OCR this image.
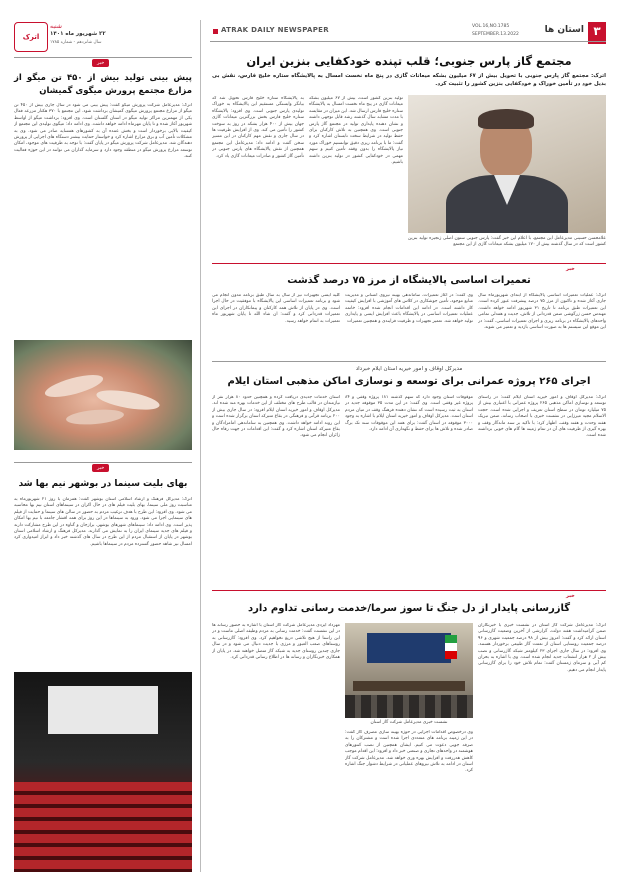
۳
استان ها
VOL.16,NO.1785
SEPTEMBER.13.2022
ATRAK DAILY NEWSPAPER
اترک
شنبه
۲۲ شهریور ماه ۱۴۰۱
سال شانزدهم - شماره ۱۷۸۵
مجتمع گاز پارس جنوبی؛ قلب تپنده خودکفایی بنزین ایران
اترک: مجتمع گاز پارس جنوبی با تحویل بیش از ۶۷ میلیون بشکه میعانات گازی در پنج ماه نخست امسال به پالایشگاه ستاره خلیج فارس، نقش بی بدیل خود در تأمین خوراک و خودکفایی بنزین کشور را تثبیت کرد.
علامحسن حسینی مدیرعامل این مجتمع، با اعلام این خبر گفت: پارس جنوبی ستون اصلی زنجیره تولید بنزین کشور است که در سال گذشته بیش از ۱۷۰ میلیون بشکه میعانات گازی از این مجتمع
به پالایشگاه ستاره خلیج فارس تحویل شد که بیانگر وابستگی مستقیم این پالایشگاه به خوراک تولیدی پارس جنوبی است. وی افزود: پالایشگاه ستاره خلیج فارس بخش بزرگترین میعانات گازی جهان بیش از ۴۰۰ هزار بشکه در روز به سوخت کشور را تأمین می کند. وی از افزایش ظرفیت ها در سال جاری و نقش مهم کارکنان در این مسیر سخن گفت و ادامه داد: مدیرعامل این مجتمع همچنین از نقش پالایشگاه های پارس جنوبی در تأمین گاز کشور و صادرات میعانات گازی یاد کرد.
تولید بنزین کشور است، بیش از ۶۷ میلیون بشکه میعانات گازی در پنج ماه نخست امسال به پالایشگاه ستاره خلیج فارس ارسال شد. این میزان در مقایسه با مدت مشابه سال گذشته رشد قابل توجهی داشته و نشان دهنده پایداری تولید در مجتمع گاز پارس جنوبی است. وی همچنین به تلاش کارکنان برای حفظ تولید در شرایط سخت تابستان اشاره کرد و گفت: ما با برنامه ریزی دقیق توانستیم خوراک مورد نیاز پالایشگاه را بدون وقفه تأمین کنیم و سهم مهمی در خودکفایی کشور در تولید بنزین داشته باشیم.
خبر
تعمیرات اساسی پالایشگاه از مرز ۷۵ درصد گذشت
اترک: عملیات تعمیرات اساسی پالایشگاه از ابتدای شهریورماه سال جاری آغاز شده و تاکنون از مرز ۷۵ درصد پیشرفت عبور کرده است. این تعمیرات طبق برنامه تا تاریخ ۳۱ شهریور ادامه خواهد داشت. مهندس حسن زرگوشی ضمن قدردانی از تلاش، جدیت و همدلی تمامی واحدهای پالایشگاه در برنامه ریزی و اجرای تعمیرات اساسی، گفت: در این موقع این سیستم ها به صورت اساسی بازدید و تعمیر می شوند.
وی گفت: در آغاز تعمیرات، ساماندهی بهینه نیروی انسانی و مدیریت منابع موجود، تأمین جوشکاری در کلاس های آموزشی با افزایش کیفیت کار داشته است. در ادامه این اقدامات انجام شده افزود: خاتمه عملیات تعمیرات اساسی در پالایشگاه باعث افزایش ایمنی و پایداری تولید خواهد شد. تعمیر تجهیزات و ظرفیت فرایندی و همچنین تعمیرات
کلیه ایمنی تجهیزات نیز از سال به سال طبق برنامه مدون انجام می شود و برنامه تعمیرات اساسی این پالایشگاه با موفقیت در حال اجرا است. وی در پایان از تلاش همه کارکنان و پیمانکاران در اجرای این تعمیرات قدردانی کرد و گفت: ان شاء الله تا پایان شهریور ماه تعمیرات به اتمام خواهد رسید.
مدیرکل اوقاف و امور خیریه استان ایلام خبرداد
اجرای ۲۶۵ پروژه عمرانی برای توسعه و نوسازی اماکن مذهبی استان ایلام
اترک: مدیرکل اوقاف و امور خیریه استان ایلام گفت: در راستای توسعه و نوسازی اماکن مذهبی ۲۶۵ پروژه عمرانی با اعتباری بیش از ۷۵ میلیارد تومان در سطح استان تعریف و اجرایی شده است. حجت الاسلام مجید میرزایی در نشست خبری با اصحاب رسانه، ضمن تبریک هفته وحدت و هفته وقف، اظهار کرد: با تاکید بر سند ماندگار وقف و بهره گیری از ظرفیت های آن در تمام زمینه ها گام های خوبی برداشته شده است.
موقوفات استان وجود دارد که سهم گذشته ۱۸۱ پروژه وقفی و ۸۴ پروژه غیر وقفی است. وی گفت: در این مدت ۳۵ موقوفه جدید در استان به ثبت رسیده است که نشان دهنده فرهنگ وقف در میان مردم استان است. مدیرکل اوقاف و امور خیریه استان ایلام با اشاره به وجود ۳۰۰۰ موقوفه در استان گفت: برای همه این موقوفات سند تک برگ صادر شده و تلاش ها برای حفظ و نگهداری آن ادامه دارد.
استان خدمات جدیدی دریافت کرده و همچنین حدود ۸۰ هزار نفر از نیازمندان در قالب طرح های مختلف از این خدمات بهره مند شده اند. مدیرکل اوقاف و امور خیریه استان ایلام افزود: در سال جاری بیش از ۲۰۰ برنامه قرآنی و فرهنگی در بقاع متبرکه استان برگزار شده است و این روند ادامه خواهد داشت. وی همچنین به ساماندهی امامزادگان و بقاع متبرکه استان اشاره کرد و گفت: این اقدامات در جهت رفاه حال زائران انجام می شود.
خبر
گازرسانی پایدار از دل جنگ تا سوز سرما/خدمت رسانی تداوم دارد
اترک: مدیرعامل شرکت گاز استان در نشست خبری با خبرنگاران ضمن گرامیداشت هفته دولت، گزارشی از آخرین وضعیت گازرسانی استان ارائه کرد و گفت: امروز بیش از ۹۸ درصد جمعیت شهری و ۹۶ درصد جمعیت روستایی استان از نعمت گاز طبیعی برخوردار هستند. وی افزود: در سال جاری اجرای ۲۳ کیلومتر شبکه گازرسانی و نصب بیش از ۲ هزار انشعاب جدید انجام شده است. وی با اشاره به بحران کم آبی و سرمای زمستان گفت: تمام تلاش خود را برای گازرسانی پایدار انجام می دهیم.
نشست خبری مدیرعامل شرکت گاز استان
وی درخصوص اقدامات اجرایی در حوزه بهینه سازی مصرف گاز گفت: در این زمینه برنامه های متعددی اجرا شده است و مشترکان را به صرفه جویی دعوت می کنیم. ایشان همچنین از نصب کنتورهای هوشمند در واحدهای تجاری و صنعتی خبر داد و افزود: این اقدام موجب کاهش هدررفت و افزایش بهره وری خواهد شد. مدیرعامل شرکت گاز استان در ادامه به تلاش نیروهای عملیاتی در شرایط دشوار جنگ اشاره کرد.
مهرداد ایزدی مدیرعامل شرکت گاز استان با اشاره به حضور رسانه ها در این نشست گفت: خدمت رسانی به مردم وظیفه اصلی ماست و در این راستا از هیچ تلاشی دریغ نخواهیم کرد. وی افزود: گازرسانی به روستاهای صعب العبور و مرزی با جدیت دنبال می شود و در سال جاری چندین روستای جدید به شبکه گاز متصل خواهند شد. در پایان از همکاری خبرنگاران و رسانه ها در اطلاع رسانی قدردانی کرد.
خبر
پیش بینی تولید بیش از ۴۵۰ تن میگو از مزارع مجتمع پرورش میگوی گمیشان
اترک: مدیرعامل شرکت پرورش میگو گفت: پیش بینی می شود در سال جاری بیش از ۴۵۰ تن میگو از مزارع مجتمع پرورش میگوی گمیشان برداشت شود. این مجتمع با ۳۷۰ هکتار مزرعه فعال یکی از مهمترین مراکز تولید میگو در استان گلستان است. وی افزود: برداشت میگو از اواسط شهریور آغاز شده و تا پایان مهرماه ادامه خواهد داشت. وی ادامه داد: میگوی تولیدی این مجتمع از کیفیت بالایی برخوردار است و بخش عمده آن به کشورهای همسایه صادر می شود. وی به مشکلات تأمین آب و برق مزارع اشاره کرد و خواستار حمایت بیشتر دستگاه های اجرایی از پرورش دهندگان شد. مدیرعامل شرکت پرورش میگو در پایان گفت: با توجه به ظرفیت های موجود، امکان توسعه مزارع پرورش میگو در منطقه وجود دارد و سرمایه گذاران می توانند در این حوزه فعالیت کنند.
خبر
بهای بلیت سینما در بوشهر نیم بها شد
اترک: مدیرکل فرهنگ و ارشاد اسلامی استان بوشهر گفت: همزمان با روز ۲۱ شهریورماه به مناسبت روز ملی سینما، بهای بلیت فیلم های در حال اکران در سینماهای استان نیم بها محاسبه می شود. وی افزود: این طرح با هدف ترغیب مردم به حضور در سالن های سینما و حمایت از فیلم های سینمایی اجرا می شود. ورود به سینماها در این روز برای همه اقشار جامعه با نیم بها امکان پذیر است. وی ادامه داد: سینماهای شهرهای بوشهر، برازجان و گناوه در این طرح مشارکت دارند و فیلم های جدید سینمای ایران را به نمایش می گذارند. مدیرکل فرهنگ و ارشاد اسلامی استان بوشهر در پایان از استقبال مردم از این طرح در سال های گذشته خبر داد و ابراز امیدواری کرد امسال نیز شاهد حضور گسترده مردم در سینماها باشیم.
